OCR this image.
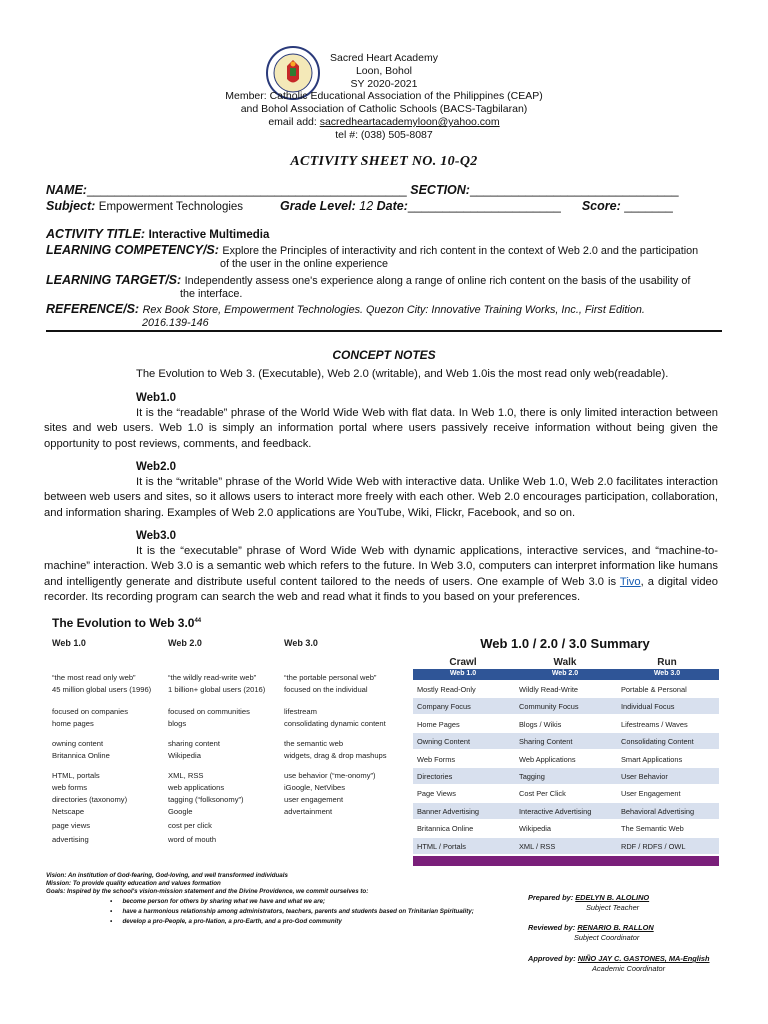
Sacred Heart Academy
Loon, Bohol
SY 2020-2021
Member: Catholic Educational Association of the Philippines (CEAP)
and Bohol Association of Catholic Schools (BACS-Tagbilaran)
email add: sacredheartacademyloon@yahoo.com
tel #: (038) 505-8087
ACTIVITY SHEET NO. 10-Q2
NAME:______________________________________________ SECTION:______________________________
Subject: Empowerment Technologies	Grade Level: 12 Date:______________________ Score: _______
ACTIVITY TITLE: Interactive Multimedia
LEARNING COMPETENCY/S: Explore the Principles of interactivity and rich content in the context of Web 2.0 and the participation
of the user in the online experience
LEARNING TARGET/S: Independently assess one's experience along a range of online rich content on the basis of the usability of
the interface.
REFERENCE/S: Rex Book Store, Empowerment Technologies. Quezon City: Innovative Training Works, Inc., First Edition.
2016.139-146
CONCEPT NOTES
The Evolution to Web 3. (Executable), Web 2.0 (writable), and Web 1.0is the most read only web(readable).
Web1.0
It is the “readable” phrase of the World Wide Web with flat data. In Web 1.0, there is only limited interaction between sites and web users. Web 1.0 is simply an information portal where users passively receive information without being given the opportunity to post reviews, comments, and feedback.
Web2.0
It is the “writable” phrase of the World Wide Web with interactive data. Unlike Web 1.0, Web 2.0 facilitates interaction between web users and sites, so it allows users to interact more freely with each other. Web 2.0 encourages participation, collaboration, and information sharing. Examples of Web 2.0 applications are YouTube, Wiki, Flickr, Facebook, and so on.
Web3.0
It is the “executable” phrase of Word Wide Web with dynamic applications, interactive services, and “machine-to-machine” interaction. Web 3.0 is a semantic web which refers to the future. In Web 3.0, computers can interpret information like humans and intelligently generate and distribute useful content tailored to the needs of users. One example of Web 3.0 is Tivo, a digital video recorder. Its recording program can search the web and read what it finds to you based on your preferences.
The Evolution to Web $3.0^{44}$
Web 1.0	Web 2.0	Web 3.0
“the most read only web”	“the wildly read-write web”	“the portable personal web”
45 million global users (1996)	1 billion+ global users (2016)	focused on the individual
focused on companies	focused on communities	lifestream
home pages	blogs	consolidating dynamic content
owning content	sharing content	the semantic web
Britannica Online	Wikipedia	widgets, drag & drop mashups
HTML, portals	XML, RSS	use behavior (“me-onomy”)
web forms	web applications	iGoogle, NetVibes
directories (taxonomy)	tagging (“folksonomy”)	user engagement
Netscape	Google	advertainment
page views	cost per click
advertising	word of mouth
Web 1.0 / 2.0 / 3.0 Summary
Crawl	Walk	Run
Web 1.0	Web 2.0	Web 3.0
Mostly Read-Only	Wildly Read-Write	Portable & Personal
Company Focus	Community Focus	Individual Focus
Home Pages	Blogs / Wikis	Lifestreams / Waves
Owning Content	Sharing Content	Consolidating Content
Web Forms	Web Applications	Smart Applications
Directories	Tagging	User Behavior
Page Views	Cost Per Click	User Engagement
Banner Advertising	Interactive Advertising	Behavioral Advertising
Britannica Online	Wikipedia	The Semantic Web
HTML / Portals	XML / RSS	RDF / RDFS / OWL
Vision: An institution of God-fearing, God-loving, and well transformed individuals
Mission: To provide quality education and values formation
Goals: Inspired by the school's vision-mission statement and the Divine Providence, we commit ourselves to:
•      become person for others by sharing what we have and what we are;
•      have a harmonious relationship among administrators, teachers, parents and students based on Trinitarian Spirituality;
•      develop a pro-People, a pro-Nation, a pro-Earth, and a pro-God community
Prepared by: EDELYN B. ALOLINO
Subject Teacher
Reviewed by: RENARIO B. RALLON
Subject Coordinator
Approved by: NIÑO JAY C. GASTONES, MA-English
Academic Coordinator
